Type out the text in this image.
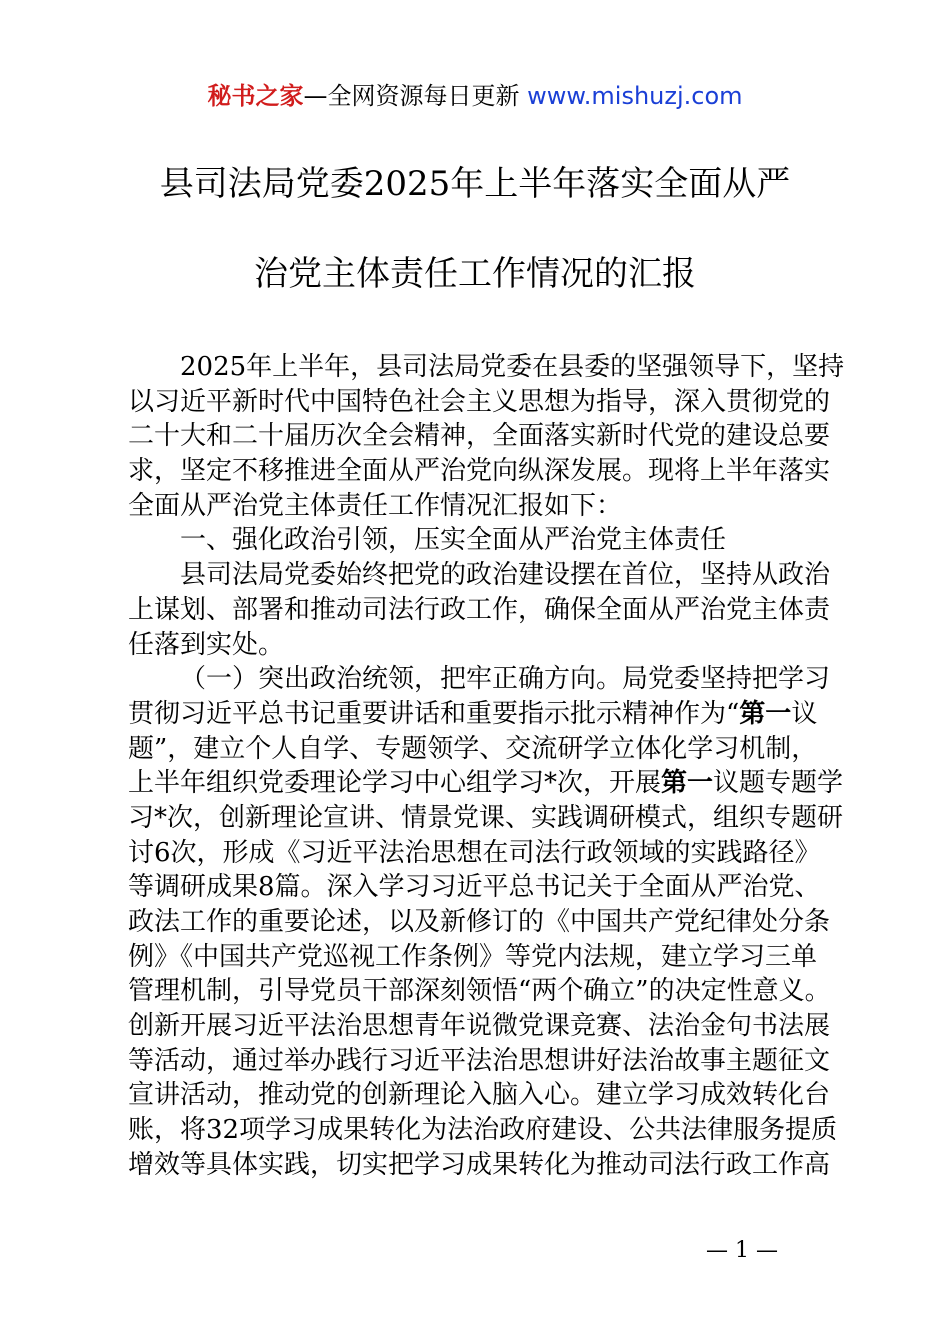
秘书之家—全网资源每日更新 www.mishuzj.com
县司法局党委2025年上半年落实全面从严
治党主体责任工作情况的汇报
2025年上半年，县司法局党委在县委的坚强领导下，坚持
以习近平新时代中国特色社会主义思想为指导，深入贯彻党的
二十大和二十届历次全会精神，全面落实新时代党的建设总要
求，坚定不移推进全面从严治党向纵深发展。现将上半年落实
全面从严治党主体责任工作情况汇报如下：
一、强化政治引领，压实全面从严治党主体责任
县司法局党委始终把党的政治建设摆在首位，坚持从政治
上谋划、部署和推动司法行政工作，确保全面从严治党主体责
任落到实处。
（一）突出政治统领，把牢正确方向。局党委坚持把学习
贯彻习近平总书记重要讲话和重要指示批示精神作为“第一议
题”，建立个人自学、专题领学、交流研学立体化学习机制，
上半年组织党委理论学习中心组学习*次，开展第一议题专题学
习*次，创新理论宣讲、情景党课、实践调研模式，组织专题研
讨6次，形成《习近平法治思想在司法行政领域的实践路径》
等调研成果8篇。深入学习习近平总书记关于全面从严治党、
政法工作的重要论述，以及新修订的《中国共产党纪律处分条
例》《中国共产党巡视工作条例》等党内法规，建立学习三单
管理机制，引导党员干部深刻领悟“两个确立”的决定性意义。
创新开展习近平法治思想青年说微党课竞赛、法治金句书法展
等活动，通过举办践行习近平法治思想讲好法治故事主题征文
宣讲活动，推动党的创新理论入脑入心。建立学习成效转化台
账，将32项学习成果转化为法治政府建设、公共法律服务提质
增效等具体实践，切实把学习成果转化为推动司法行政工作高
— 1 —
